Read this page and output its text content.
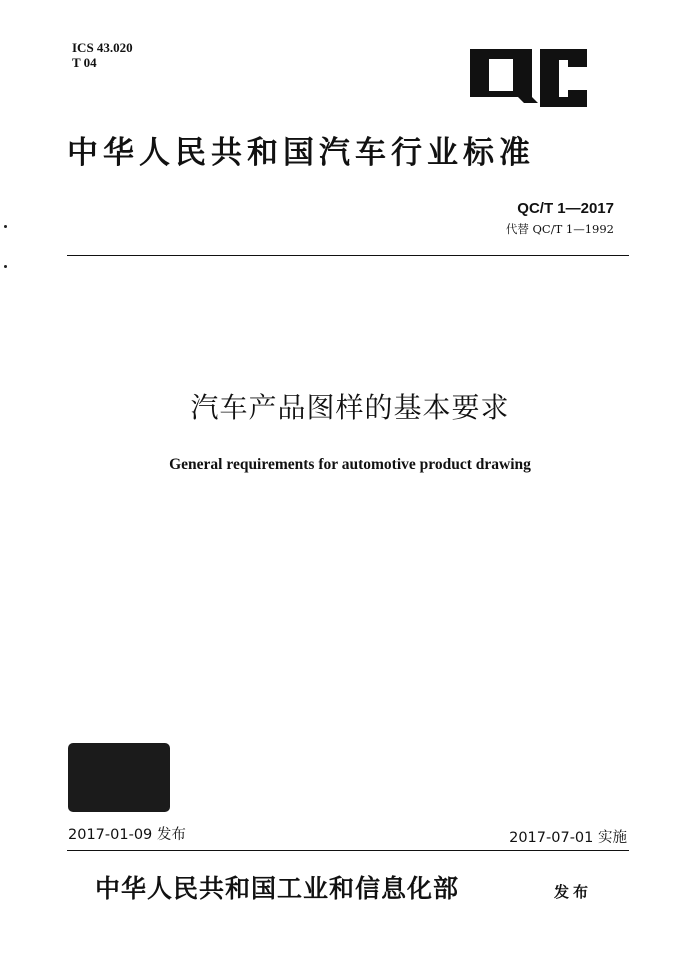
ICS 43.020
T 04
中华人民共和国汽车行业标准
QC/T 1—2017
代替 QC/T 1—1992
汽车产品图样的基本要求
General requirements for automotive product drawing
2017-01-09 发布	2017-07-01 实施
中华人民共和国工业和信息化部	发布
